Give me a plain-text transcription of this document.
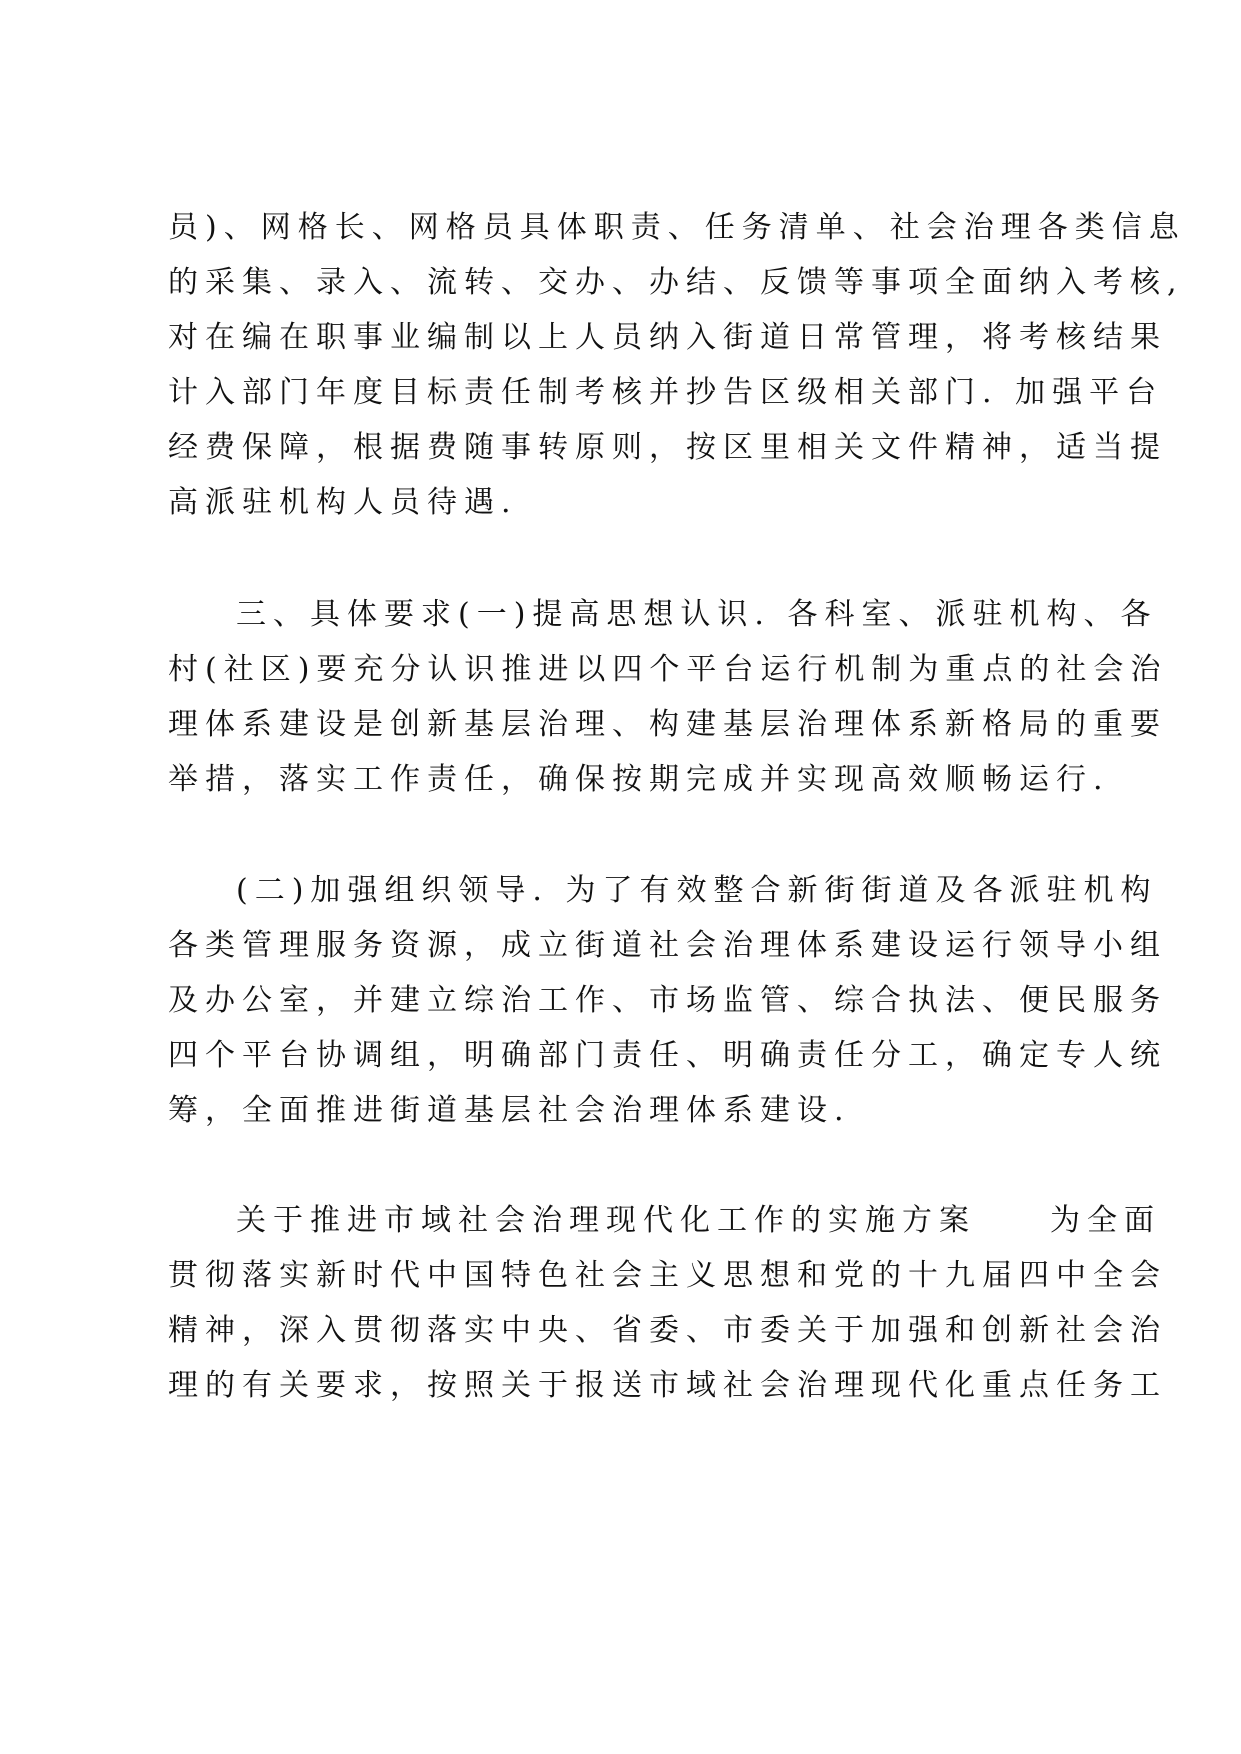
员)、网格长、网格员具体职责、任务清单、社会治理各类信息
的采集、录入、流转、交办、办结、反馈等事项全面纳入考核,
对在编在职事业编制以上人员纳入街道日常管理，将考核结果
计入部门年度目标责任制考核并抄告区级相关部门. 加强平台
经费保障，根据费随事转原则，按区里相关文件精神，适当提
高派驻机构人员待遇.
三、具体要求(一)提高思想认识. 各科室、派驻机构、各
村(社区)要充分认识推进以四个平台运行机制为重点的社会治
理体系建设是创新基层治理、构建基层治理体系新格局的重要
举措，落实工作责任，确保按期完成并实现高效顺畅运行.
(二)加强组织领导. 为了有效整合新街街道及各派驻机构
各类管理服务资源，成立街道社会治理体系建设运行领导小组
及办公室，并建立综治工作、市场监管、综合执法、便民服务
四个平台协调组，明确部门责任、明确责任分工，确定专人统
筹，全面推进街道基层社会治理体系建设.
关于推进市域社会治理现代化工作的实施方案　　为全面
贯彻落实新时代中国特色社会主义思想和党的十九届四中全会
精神，深入贯彻落实中央、省委、市委关于加强和创新社会治
理的有关要求，按照关于报送市域社会治理现代化重点任务工
